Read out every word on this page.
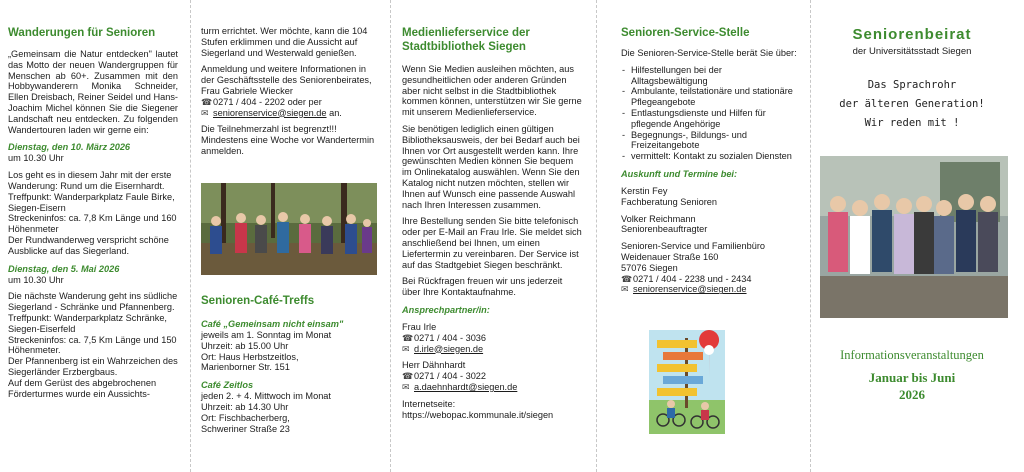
Wanderungen für Senioren

„Gemeinsam die Natur entdecken" lautet das Motto der neuen Wandergruppen für Menschen ab 60+. Zusammen mit den Hobbywanderern Monika Schneider, Ellen Dreisbach, Reiner Seidel und Hans-Joachim Michel können Sie die Siegener Landschaft neu entdecken. Zu folgenden Wandertouren laden wir gerne ein:

Dienstag, den 10. März 2026
um 10.30 Uhr
Los geht es in diesem Jahr mit der erste Wanderung: Rund um die Eisernhardt.
Treffpunkt: Wanderparkplatz Faule Birke, Siegen-Eisern
Streckeninfos: ca. 7,8 Km Länge und 160 Höhenmeter
Der Rundwanderweg verspricht schöne Ausblicke auf das Siegerland.
Dienstag, den 5. Mai 2026
um 10.30 Uhr
Die nächste Wanderung geht ins südliche Siegerland - Schränke und Pfannenberg.
Treffpunkt: Wanderparkplatz Schränke, Siegen-Eiserfeld
Streckeninfos: ca. 7,5 Km Länge und 150 Höhenmeter.
Der Pfannenberg ist ein Wahrzeichen des Siegerländer Erzbergbaus.
Auf dem Gerüst des abgebrochenen Förderturmes wurde ein Aussichts-

turm errichtet. Wer möchte, kann die 104 Stufen erklimmen und die Aussicht auf Siegerland und Westerwald genießen.

Anmeldung und weitere Informationen in der Geschäftsstelle des Seniorenbeirates, Frau Gabriele Wiecker

☎0271 / 404 - 2202 oder per
✉ seniorenservice@siegen.de an.

Die Teilnehmerzahl ist begrenzt!!! Mindestens eine Woche vor Wandertermin anmelden.

Senioren-Café-Treffs
Café „Gemeinsam nicht einsam"
jeweils am 1. Sonntag im Monat
Uhrzeit: ab 15.00 Uhr
Ort: Haus Herbstzeitlos,
Marienborner Str. 151
Café Zeitlos
jeden 2. + 4. Mittwoch im Monat
Uhrzeit: ab 14.30 Uhr
Ort: Fischbacherberg,
Schweriner Straße 23
Medienlieferservice der Stadtbibliothek Siegen

Wenn Sie Medien ausleihen möchten, aus gesundheitlichen oder anderen Gründen aber nicht selbst in die Stadtbibliothek kommen können, unterstützen wir Sie gerne mit unserem Medienlieferservice.

Sie benötigen lediglich einen gültigen Bibliotheksausweis, der bei Bedarf auch bei Ihnen vor Ort ausgestellt werden kann. Ihre gewünschten Medien können Sie bequem im Onlinekatalog auswählen. Wenn Sie den Katalog nicht nutzen möchten, stellen wir Ihnen auf Wunsch eine passende Auswahl nach Ihren Interessen zusammen.

Ihre Bestellung senden Sie bitte telefonisch oder per E-Mail an Frau Irle. Sie meldet sich anschließend bei Ihnen, um einen Liefertermin zu vereinbaren. Der Service ist auf das Stadtgebiet Siegen beschränkt.

Bei Rückfragen freuen wir uns jederzeit über Ihre Kontaktaufnahme.

Ansprechpartner/in:
Frau Irle
☎0271 / 404 - 3036
✉ d.irle@siegen.de
Herr Dähnhardt
☎0271 / 404 - 3022
✉ a.daehnhardt@siegen.de
Internetseite:
https://webopac.kommunale.it/siegen
Senioren-Service-Stelle

Die Senioren-Service-Stelle berät Sie über:

- Hilfestellungen bei der Alltagsbewältigung
- Ambulante, teilstationäre und stationäre Pflegeangebote
- Entlastungsdienste und Hilfen für pflegende Angehörige
- Begegnungs-, Bildungs- und Freizeitangebote
- vermittelt: Kontakt zu sozialen Diensten
Auskunft und Termine bei:
Kerstin Fey
Fachberatung Senioren
Volker Reichmann
Seniorenbeauftragter
Senioren-Service und Familienbüro
Weidenauer Straße 160
57076 Siegen
☎0271 / 404 - 2238 und - 2434
✉ seniorenservice@siegen.de
Seniorenbeirat
der Universitätsstadt Siegen
Das Sprachrohr
der älteren Generation!
Wir reden mit !
Informationsveranstaltungen
Januar bis Juni
2026
